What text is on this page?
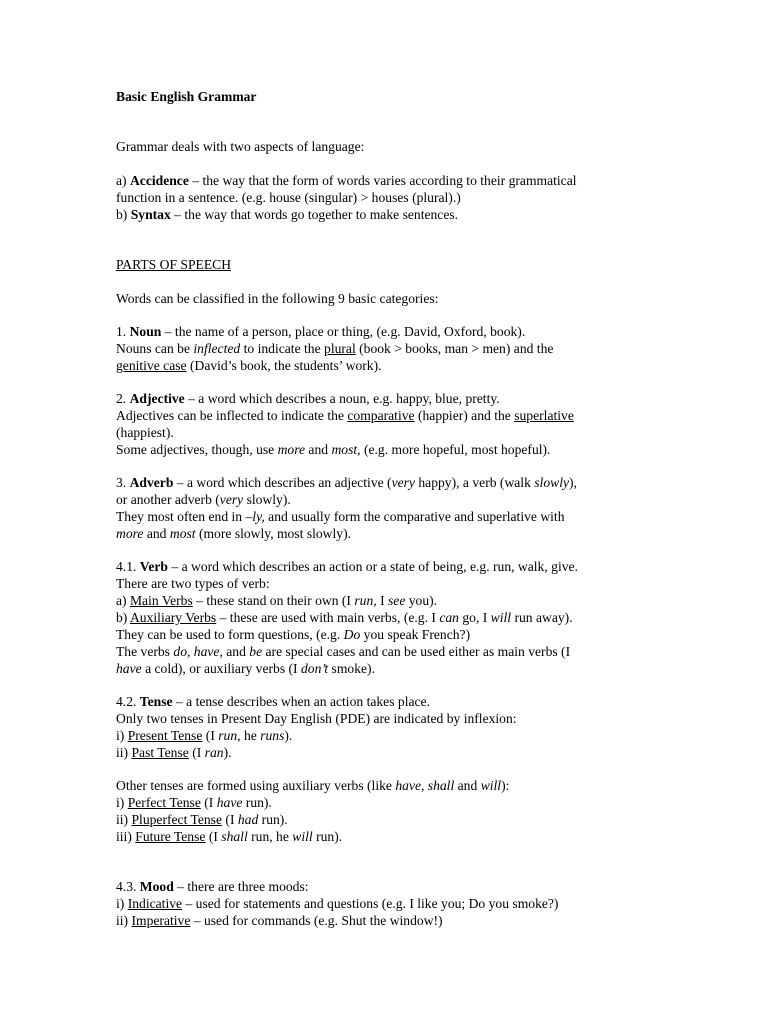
Basic English Grammar

Grammar deals with two aspects of language:

a) Accidence – the way that the form of words varies according to their grammatical

function in a sentence. (e.g. house (singular) > houses (plural).)

b) Syntax – the way that words go together to make sentences.

PARTS OF SPEECH

Words can be classified in the following 9 basic categories:

1. Noun – the name of a person, place or thing, (e.g. David, Oxford, book).

Nouns can be inflected to indicate the plural (book > books, man > men) and the

genitive case (David’s book, the students’ work).

2. Adjective – a word which describes a noun, e.g. happy, blue, pretty.

Adjectives can be inflected to indicate the comparative (happier) and the superlative

(happiest).

Some adjectives, though, use more and most, (e.g. more hopeful, most hopeful).

3. Adverb – a word which describes an adjective (very happy), a verb (walk slowly),

or another adverb (very slowly).

They most often end in –ly, and usually form the comparative and superlative with

more and most (more slowly, most slowly).

4.1. Verb – a word which describes an action or a state of being, e.g. run, walk, give.

There are two types of verb:

a) Main Verbs – these stand on their own (I run, I see you).

b) Auxiliary Verbs – these are used with main verbs, (e.g. I can go, I will run away).

They can be used to form questions, (e.g. Do you speak French?)

The verbs do, have, and be are special cases and can be used either as main verbs (I

have a cold), or auxiliary verbs (I don’t smoke).

4.2. Tense – a tense describes when an action takes place.

Only two tenses in Present Day English (PDE) are indicated by inflexion:

i) Present Tense (I run, he runs).

ii) Past Tense (I ran).

Other tenses are formed using auxiliary verbs (like have, shall and will):

i) Perfect Tense (I have run).

ii) Pluperfect Tense (I had run).

iii) Future Tense (I shall run, he will run).

4.3. Mood – there are three moods:

i) Indicative – used for statements and questions (e.g. I like you; Do you smoke?)

ii) Imperative – used for commands (e.g. Shut the window!)
